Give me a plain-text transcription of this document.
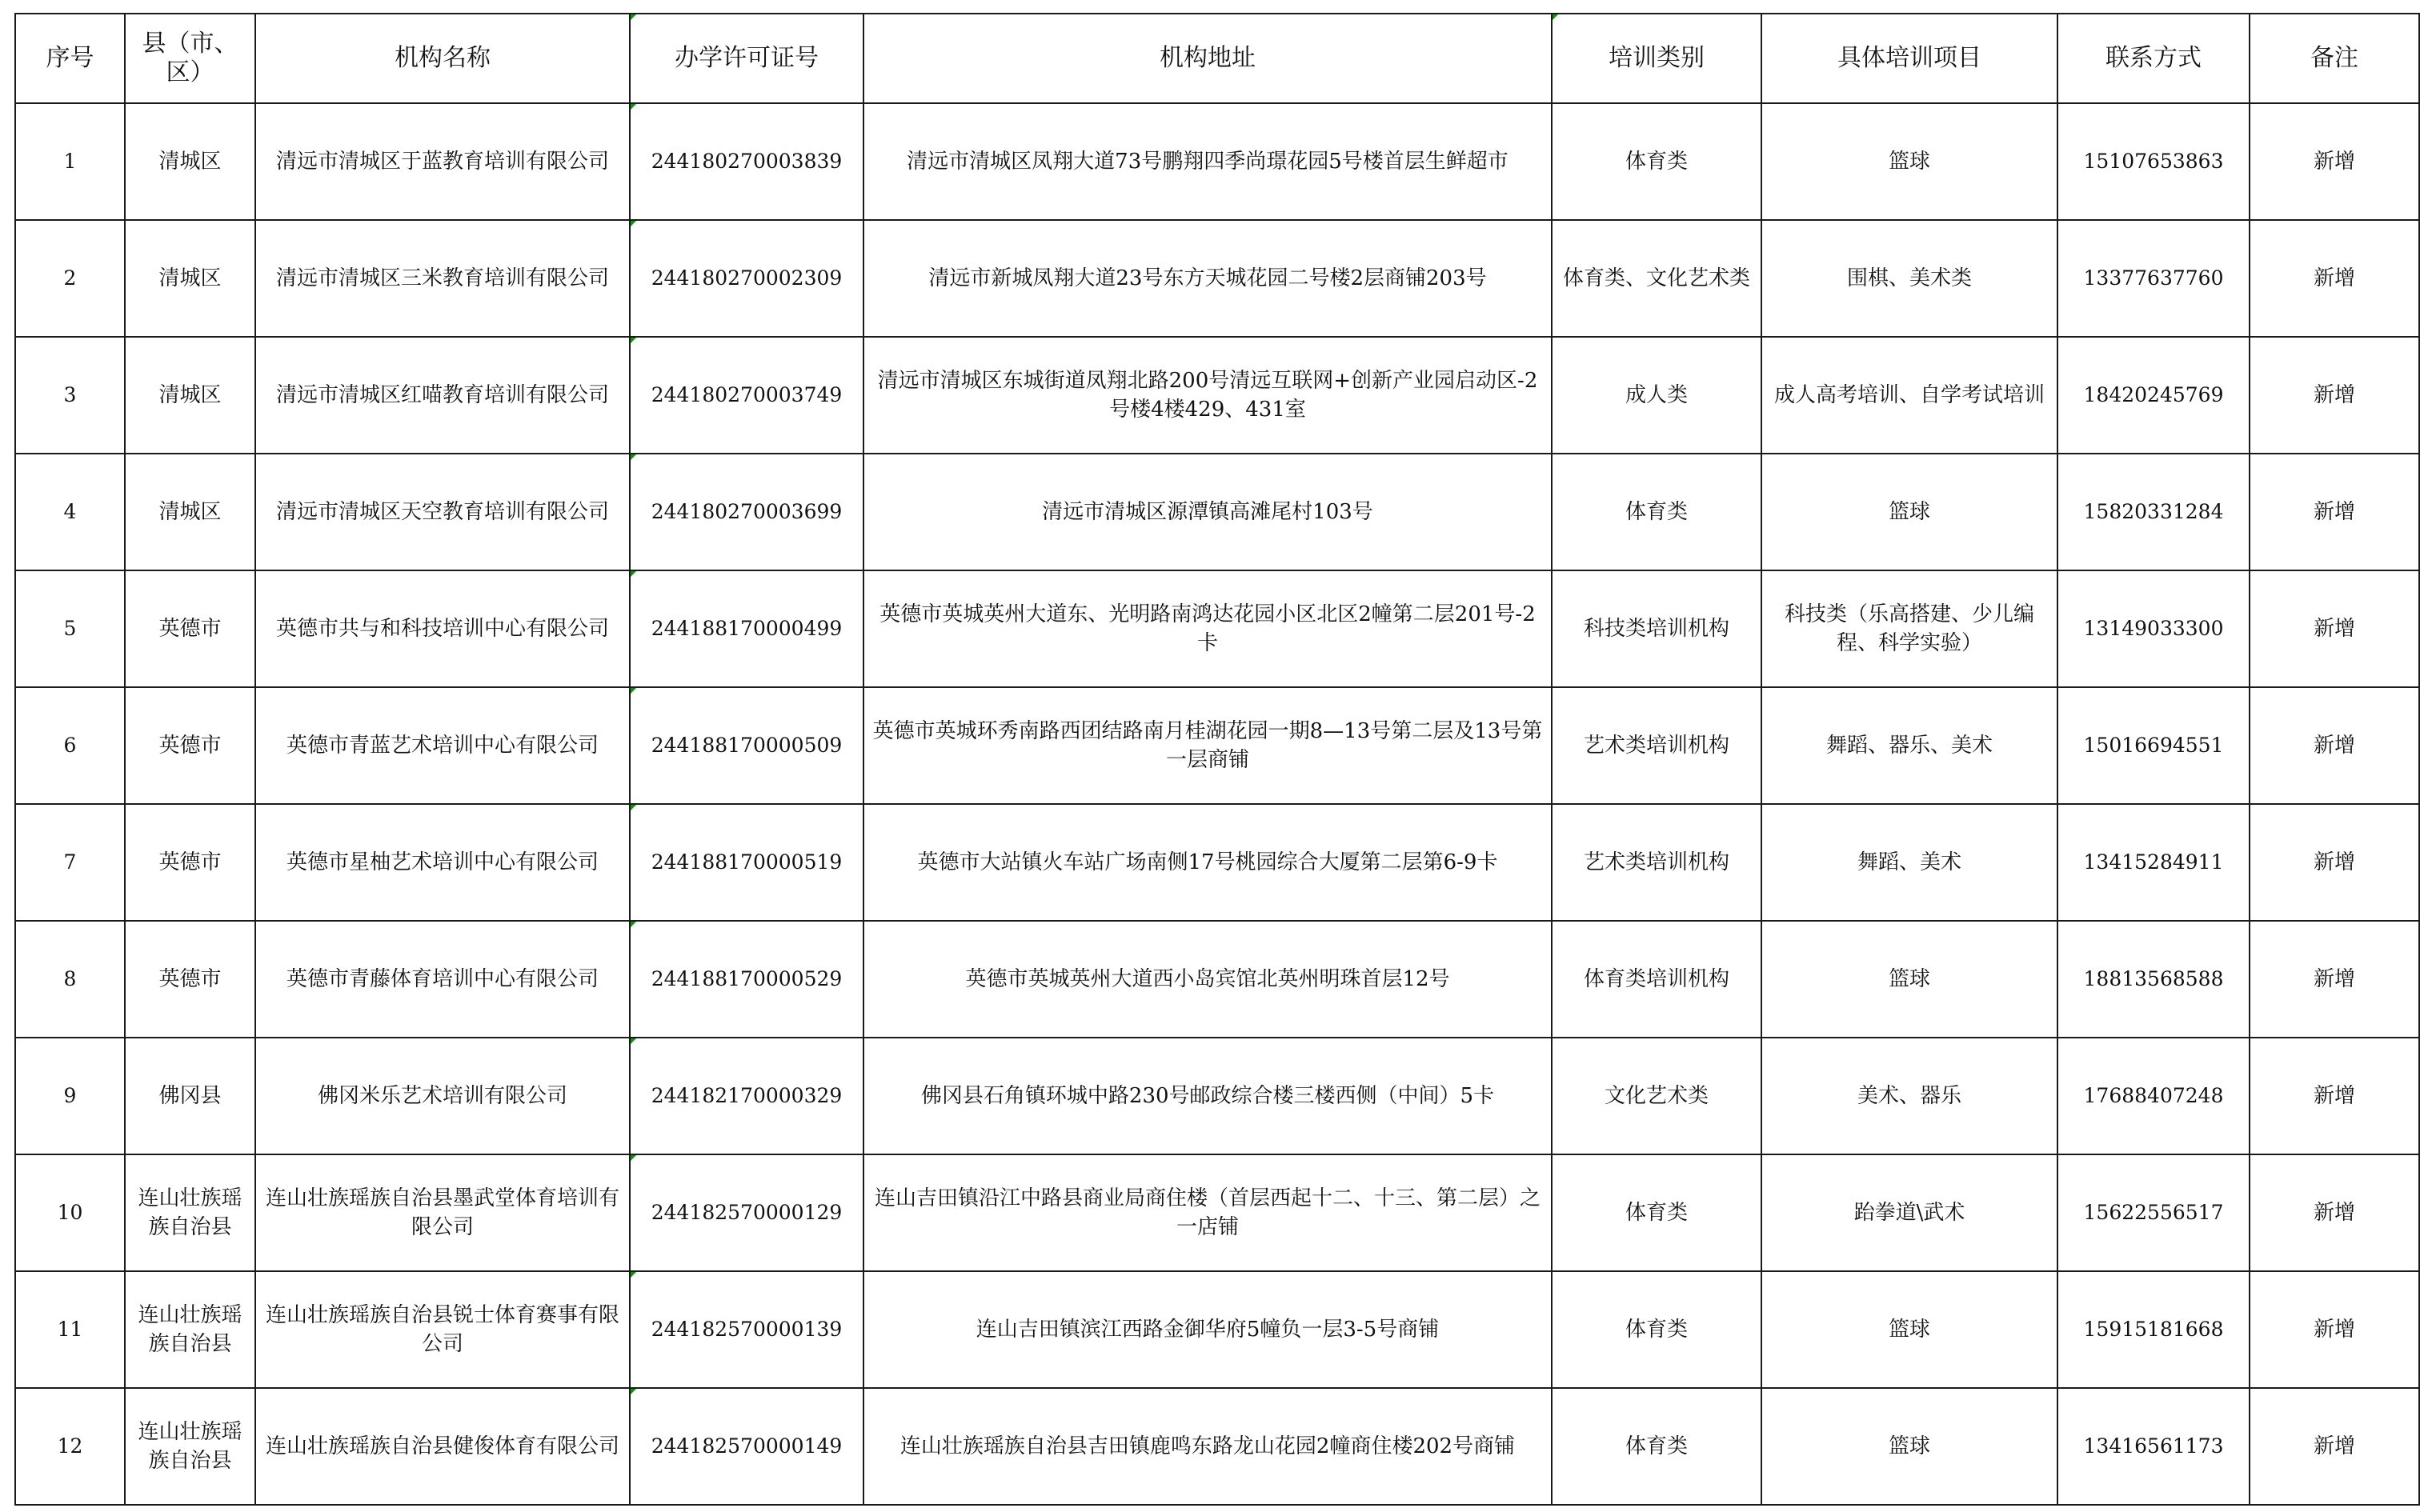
序号	县（市、区）	机构名称	办学许可证号	机构地址	培训类别	具体培训项目	联系方式	备注
1	清城区	清远市清城区于蓝教育培训有限公司	244180270003839	清远市清城区凤翔大道73号鹏翔四季尚璟花园5号楼首层生鲜超市	体育类	篮球	15107653863	新增
2	清城区	清远市清城区三米教育培训有限公司	244180270002309	清远市新城凤翔大道23号东方天城花园二号楼2层商铺203号	体育类、文化艺术类	围棋、美术类	13377637760	新增
3	清城区	清远市清城区红喵教育培训有限公司	244180270003749	清远市清城区东城街道凤翔北路200号清远互联网+创新产业园启动区-2号楼4楼429、431室	成人类	成人高考培训、自学考试培训	18420245769	新增
4	清城区	清远市清城区天空教育培训有限公司	244180270003699	清远市清城区源潭镇高滩尾村103号	体育类	篮球	15820331284	新增
5	英德市	英德市共与和科技培训中心有限公司	244188170000499	英德市英城英州大道东、光明路南鸿达花园小区北区2幢第二层201号-2卡	科技类培训机构	科技类（乐高搭建、少儿编程、科学实验）	13149033300	新增
6	英德市	英德市青蓝艺术培训中心有限公司	244188170000509	英德市英城环秀南路西团结路南月桂湖花园一期8—13号第二层及13号第一层商铺	艺术类培训机构	舞蹈、器乐、美术	15016694551	新增
7	英德市	英德市星柚艺术培训中心有限公司	244188170000519	英德市大站镇火车站广场南侧17号桃园综合大厦第二层第6-9卡	艺术类培训机构	舞蹈、美术	13415284911	新增
8	英德市	英德市青藤体育培训中心有限公司	244188170000529	英德市英城英州大道西小岛宾馆北英州明珠首层12号	体育类培训机构	篮球	18813568588	新增
9	佛冈县	佛冈米乐艺术培训有限公司	244182170000329	佛冈县石角镇环城中路230号邮政综合楼三楼西侧（中间）5卡	文化艺术类	美术、器乐	17688407248	新增
10	连山壮族瑶族自治县	连山壮族瑶族自治县墨武堂体育培训有限公司	244182570000129	连山吉田镇沿江中路县商业局商住楼（首层西起十二、十三、第二层）之一店铺	体育类	跆拳道\武术	15622556517	新增
11	连山壮族瑶族自治县	连山壮族瑶族自治县锐士体育赛事有限公司	244182570000139	连山吉田镇滨江西路金御华府5幢负一层3-5号商铺	体育类	篮球	15915181668	新增
12	连山壮族瑶族自治县	连山壮族瑶族自治县健俊体育有限公司	244182570000149	连山壮族瑶族自治县吉田镇鹿鸣东路龙山花园2幢商住楼202号商铺	体育类	篮球	13416561173	新增
